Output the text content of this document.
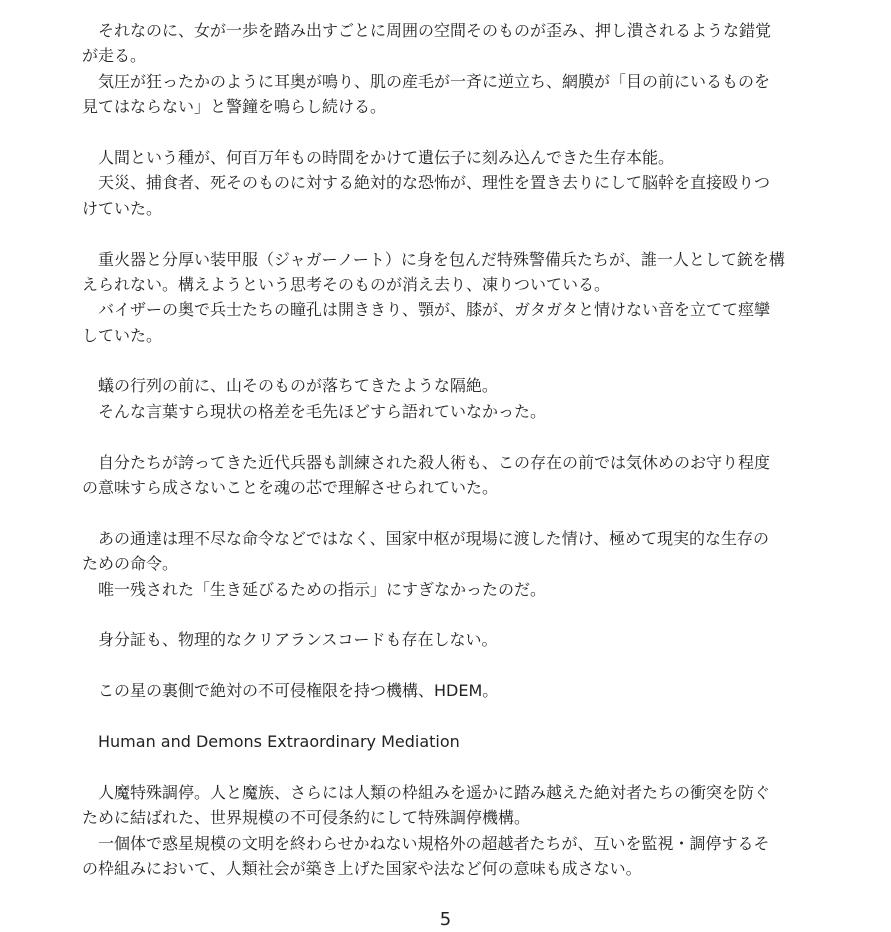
　それなのに、女が一歩を踏み出すごとに周囲の空間そのものが歪み、押し潰されるような錯覚
が走る。
　気圧が狂ったかのように耳奥が鳴り、肌の産毛が一斉に逆立ち、網膜が「目の前にいるものを
見てはならない」と警鐘を鳴らし続ける。
　人間という種が、何百万年もの時間をかけて遺伝子に刻み込んできた生存本能。
　天災、捕食者、死そのものに対する絶対的な恐怖が、理性を置き去りにして脳幹を直接殴りつ
けていた。
　重火器と分厚い装甲服（ジャガーノート）に身を包んだ特殊警備兵たちが、誰一人として銃を構
えられない。構えようという思考そのものが消え去り、凍りついている。
　バイザーの奥で兵士たちの瞳孔は開ききり、顎が、膝が、ガタガタと情けない音を立てて痙攣
していた。
　蟻の行列の前に、山そのものが落ちてきたような隔絶。
　そんな言葉すら現状の格差を毛先ほどすら語れていなかった。
　自分たちが誇ってきた近代兵器も訓練された殺人術も、この存在の前では気休めのお守り程度
の意味すら成さないことを魂の芯で理解させられていた。
　あの通達は理不尽な命令などではなく、国家中枢が現場に渡した情け、極めて現実的な生存の
ための命令。
　唯一残された「生き延びるための指示」にすぎなかったのだ。
　身分証も、物理的なクリアランスコードも存在しない。
　この星の裏側で絶対の不可侵権限を持つ機構、HDEM。
　Human and Demons Extraordinary Mediation
　人魔特殊調停。人と魔族、さらには人類の枠組みを遥かに踏み越えた絶対者たちの衝突を防ぐ
ために結ばれた、世界規模の不可侵条約にして特殊調停機構。
　一個体で惑星規模の文明を終わらせかねない規格外の超越者たちが、互いを監視・調停するそ
の枠組みにおいて、人類社会が築き上げた国家や法など何の意味も成さない。
5
